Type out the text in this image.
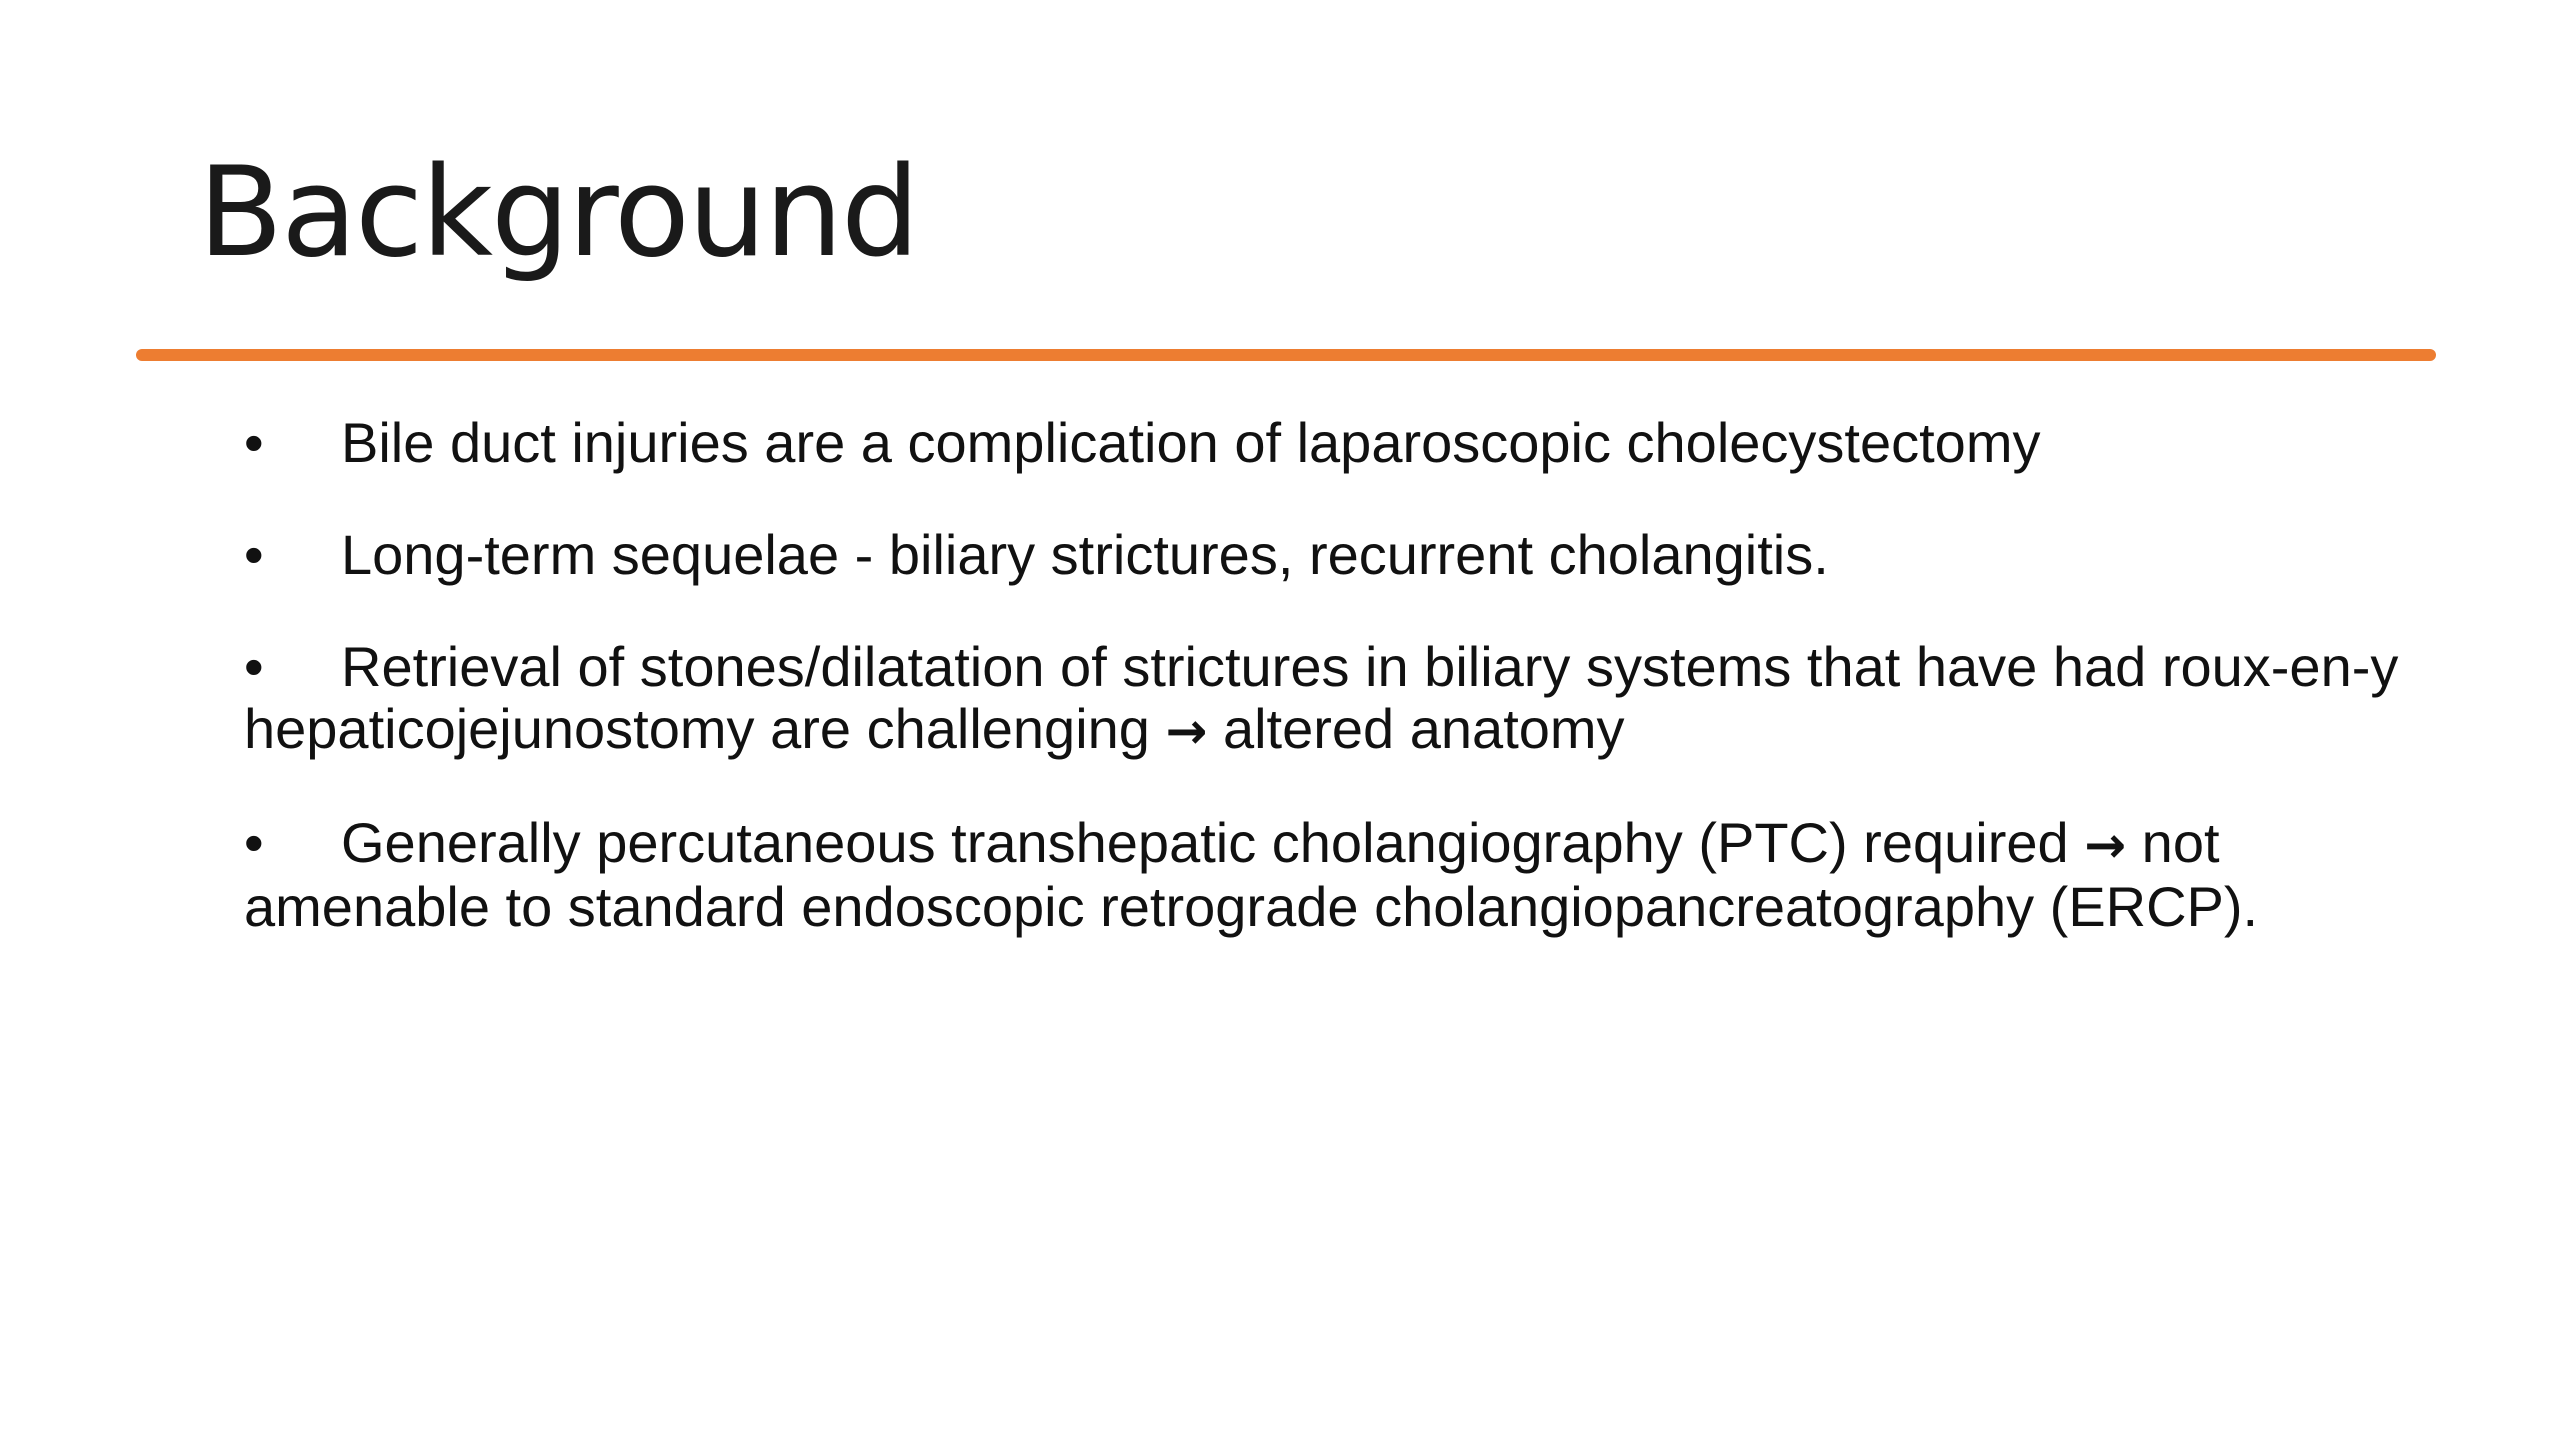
Background
• Bile duct injuries are a complication of laparoscopic cholecystectomy
• Long-term sequelae - biliary strictures, recurrent cholangitis.
• Retrieval of stones/dilatation of strictures in biliary systems that have had roux-en-y hepaticojejunostomy are challenging → altered anatomy
• Generally percutaneous transhepatic cholangiography (PTC) required → not amenable to standard endoscopic retrograde cholangiopancreatography (ERCP).
